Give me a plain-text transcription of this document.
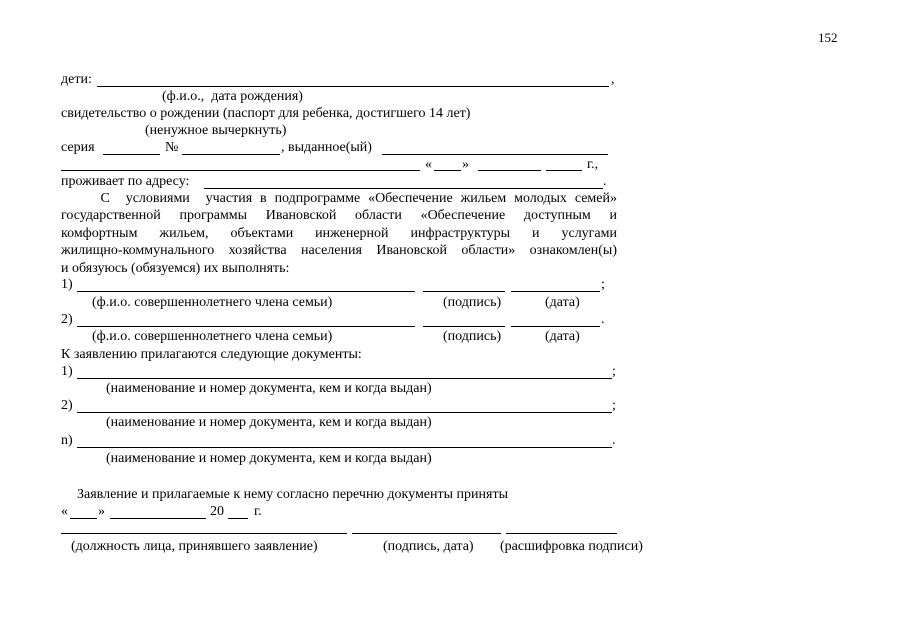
152
дети:	,
(ф.и.о.,  дата рождения)
свидетельство о рождении (паспорт для ребенка, достигшего 14 лет)
(ненужное вычеркнуть)
серия	№	, выданное(ый)
« »	г.,
проживает по адресу:	.
С  условиями  участия в подпрограмме «Обеспечение жильем молодых семей»
государственной программы Ивановской области «Обеспечение доступным и
комфортным жильем, объектами инженерной инфраструктуры и услугами
жилищно-коммунального хозяйства населения Ивановской области» ознакомлен(ы)
и обязуюсь (обязуемся) их выполнять:
1)	;
(ф.и.о. совершеннолетнего члена семьи)	(подпись)	(дата)
2)	.
(ф.и.о. совершеннолетнего члена семьи)	(подпись)	(дата)
К заявлению прилагаются следующие документы:
1)	;
(наименование и номер документа, кем и когда выдан)
2)	;
(наименование и номер документа, кем и когда выдан)
n)	.
(наименование и номер документа, кем и когда выдан)
Заявление и прилагаемые к нему согласно перечню документы приняты
« »	20 г.
(должность лица, принявшего заявление)	(подпись, дата) (расшифровка подписи)
